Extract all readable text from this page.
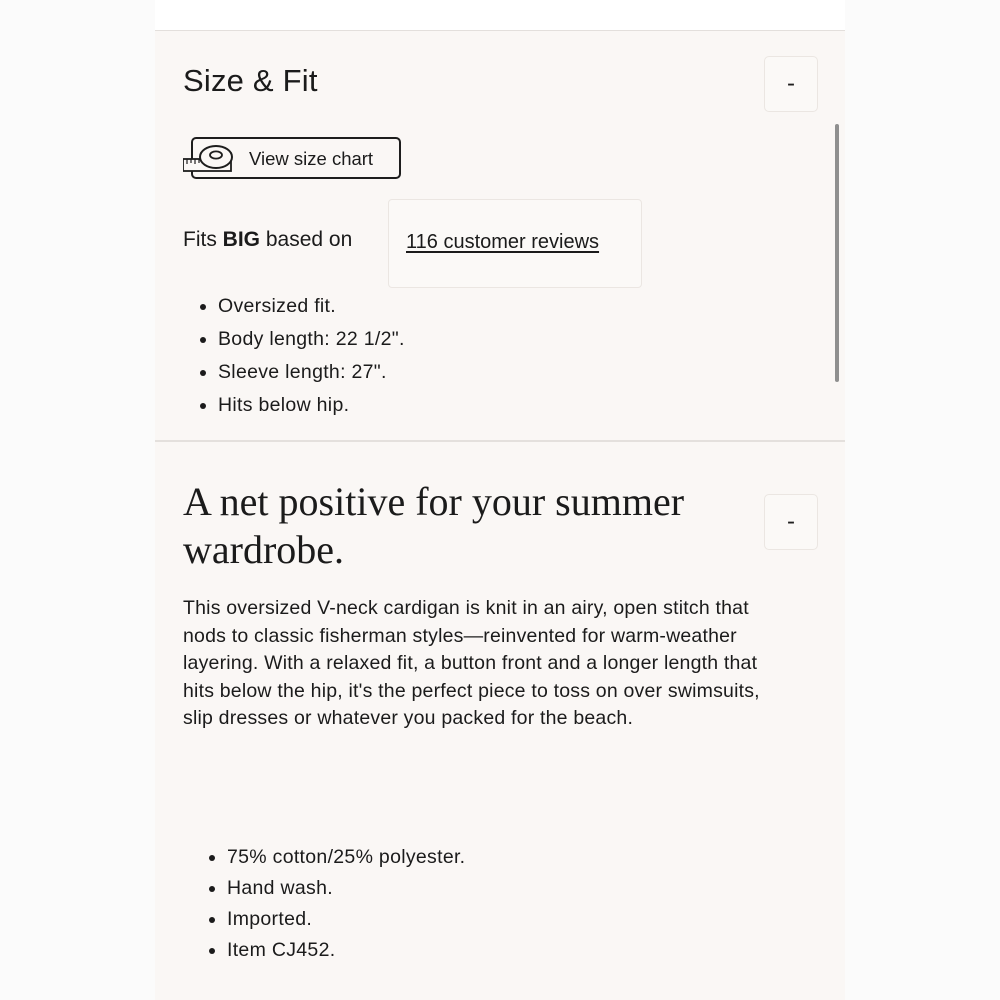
Size & Fit	-
View size chart
Fits BIG based on	116 customer reviews
• Oversized fit.
• Body length: 22 1/2".
• Sleeve length: 27".
• Hits below hip.
A net positive for your summer wardrobe.
-

This oversized V-neck cardigan is knit in an airy, open stitch that nods to classic fisherman styles—reinvented for warm-weather layering. With a relaxed fit, a button front and a longer length that hits below the hip, it's the perfect piece to toss on over swimsuits, slip dresses or whatever you packed for the beach.

• 75% cotton/25% polyester.
• Hand wash.
• Imported.
• Item CJ452.
